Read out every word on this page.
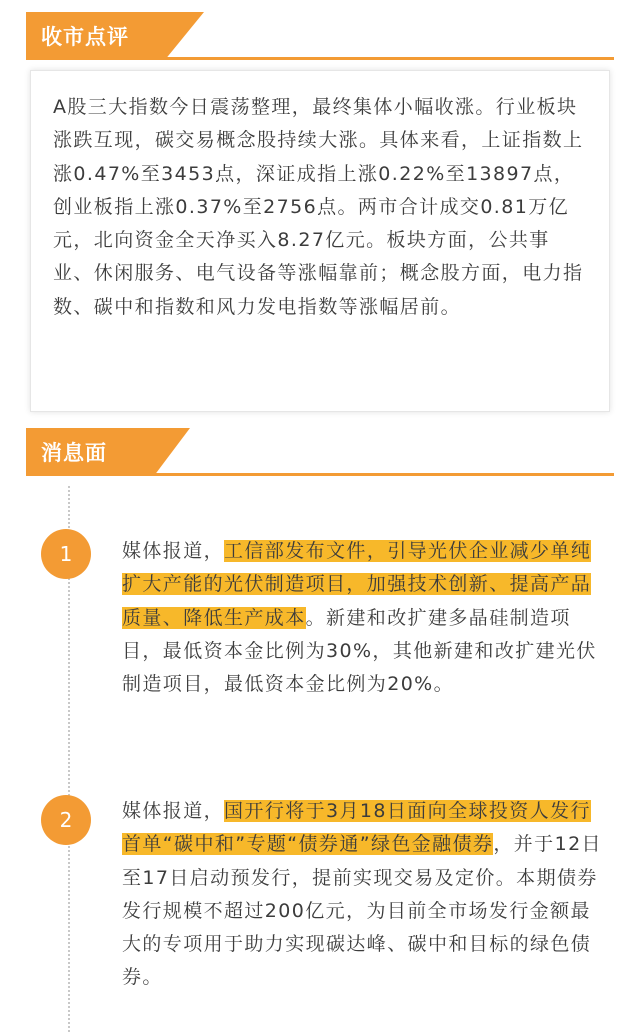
收市点评
A股三大指数今日震荡整理，最终集体小幅收涨。行业板块涨跌互现，碳交易概念股持续大涨。具体来看，上证指数上涨0.47%至3453点，深证成指上涨0.22%至13897点，创业板指上涨0.37%至2756点。两市合计成交0.81万亿元，北向资金全天净买入8.27亿元。板块方面，公共事业、休闲服务、电气设备等涨幅靠前；概念股方面，电力指数、碳中和指数和风力发电指数等涨幅居前。
消息面
1	媒体报道，工信部发布文件，引导光伏企业减少单纯扩大产能的光伏制造项目，加强技术创新、提高产品质量、降低生产成本。新建和改扩建多晶硅制造项目，最低资本金比例为30%，其他新建和改扩建光伏制造项目，最低资本金比例为20%。
2	媒体报道，国开行将于3月18日面向全球投资人发行首单“碳中和”专题“债券通”绿色金融债券，并于12日至17日启动预发行，提前实现交易及定价。本期债券发行规模不超过200亿元，为目前全市场发行金额最大的专项用于助力实现碳达峰、碳中和目标的绿色债券。
